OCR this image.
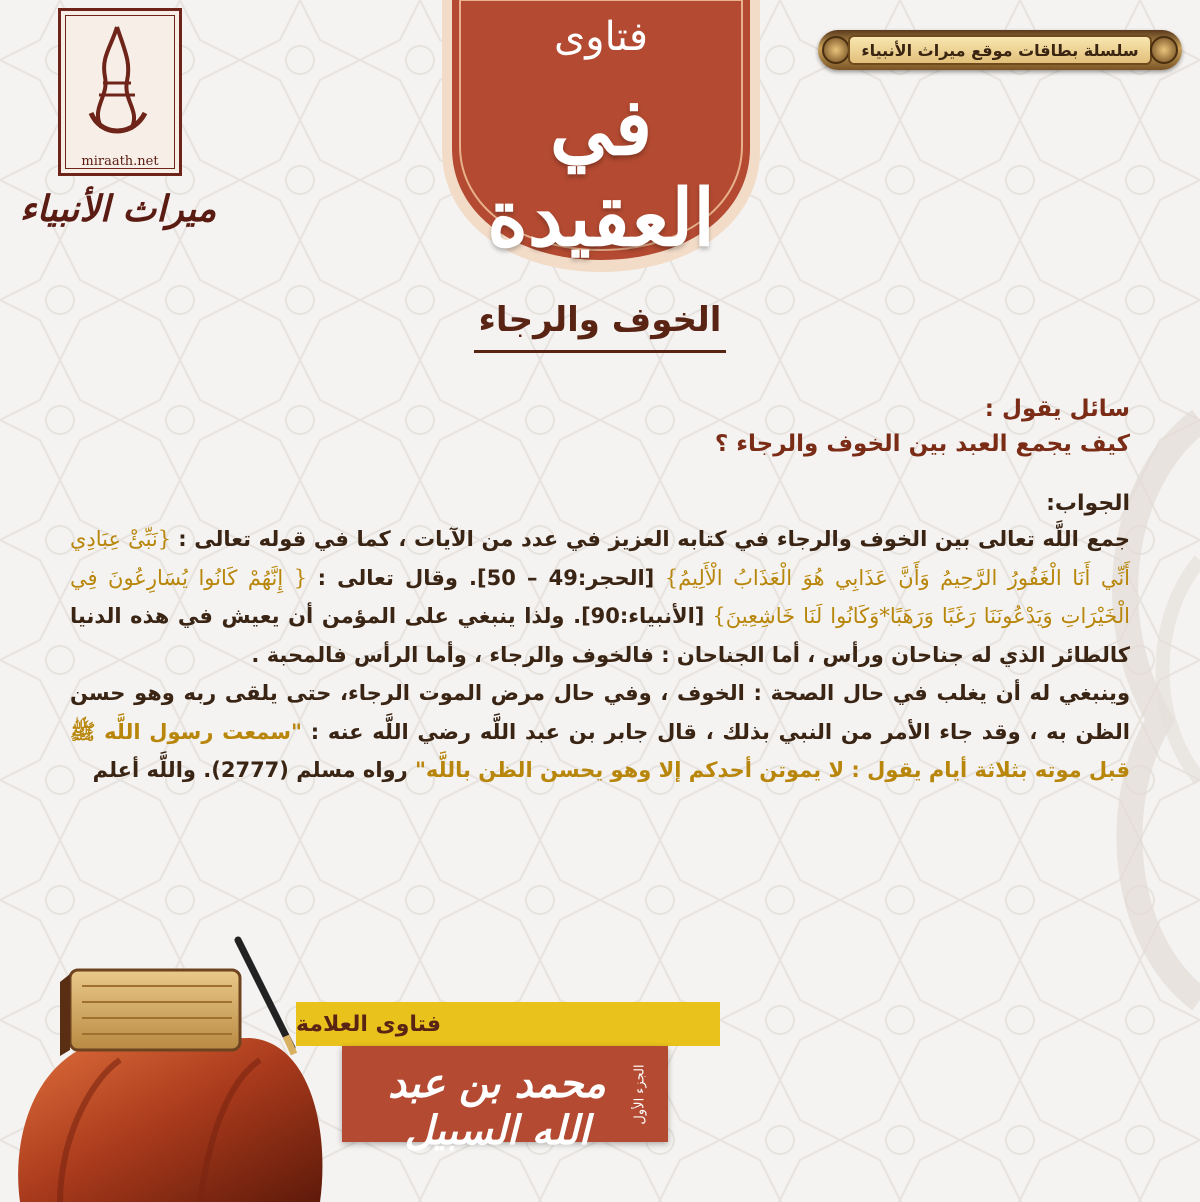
سلسلة بطاقات موقع ميراث الأنبياء
miraath.net
ميراث الأنبياء
فتاوى
في العقيدة
الخوف والرجاء
سائل يقول :
كيف يجمع العبد بين الخوف والرجاء ؟
الجواب:
جمع اللَّه تعالى بين الخوف والرجاء في كتابه العزيز في عدد من الآيات ، كما في قوله تعالى : {نَبِّئْ عِبَادِي أَنِّي أَنَا الْغَفُورُ الرَّحِيمُ وَأَنَّ عَذَابِي هُوَ الْعَذَابُ الْأَلِيمُ} [الحجر:49 – 50]. وقال تعالى : { إِنَّهُمْ كَانُوا يُسَارِعُونَ فِي الْخَيْرَاتِ وَيَدْعُونَنَا رَغَبًا وَرَهَبًا*وَكَانُوا لَنَا خَاشِعِينَ} [الأنبياء:90]. ولذا ينبغي على المؤمن أن يعيش في هذه الدنيا كالطائر الذي له جناحان ورأس ، أما الجناحان : فالخوف والرجاء ، وأما الرأس فالمحبة .
وينبغي له أن يغلب في حال الصحة : الخوف ، وفي حال مرض الموت الرجاء، حتى يلقى ربه وهو حسن الظن به ، وقد جاء الأمر من النبي بذلك ، قال جابر بن عبد اللَّه رضي اللَّه عنه : "سمعت رسول اللَّه ﷺ قبل موته بثلاثة أيام يقول : لا يموتن أحدكم إلا وهو يحسن الظن باللَّه" رواه مسلم (2777). واللَّه أعلم
فتاوى العلامة
محمد بن عبد الله السبيل
الجزء الأول
